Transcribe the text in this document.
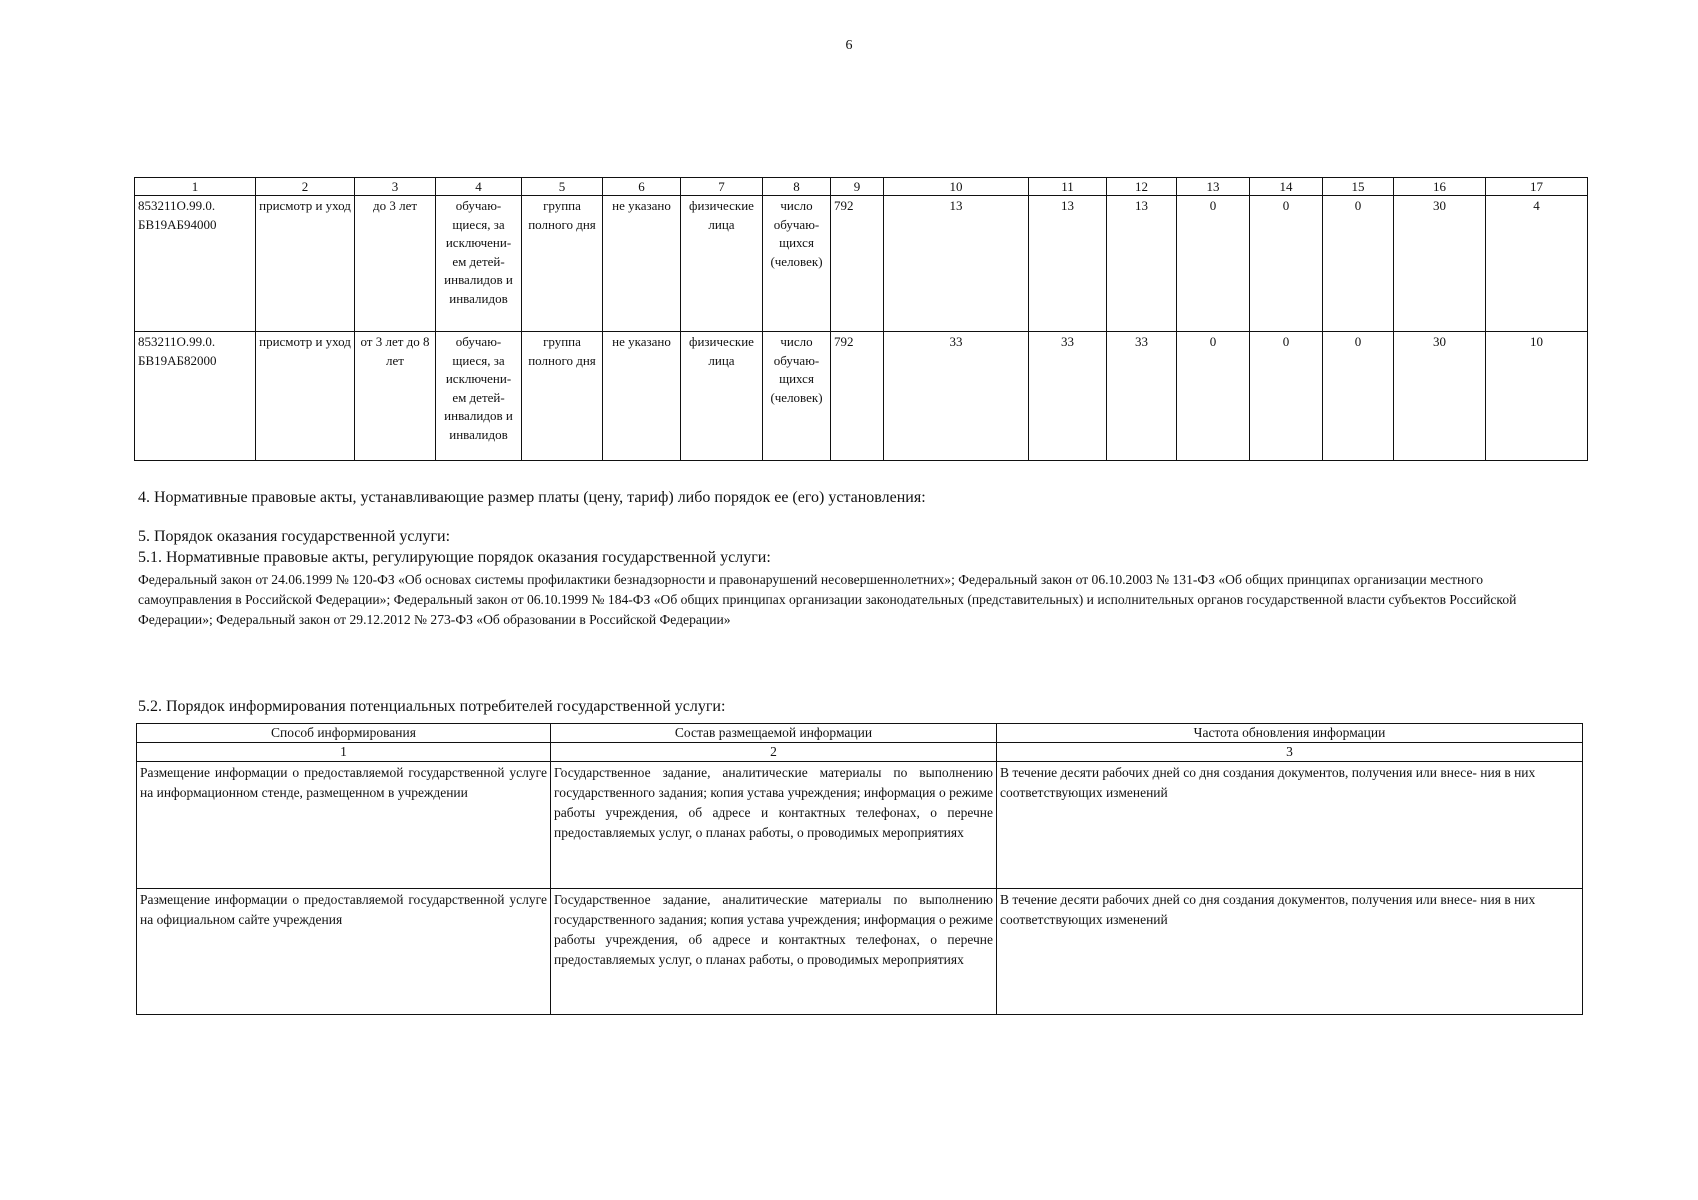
6
1	2	3	4	5	6	7	8	9	10	11	12	13	14	15	16	17
853211О.99.0. БВ19АБ94000	присмотр и уход	до 3 лет	обучаю- щиеся, за исключени- ем детей- инвалидов и инвалидов	группа полного дня	не указано	физические лица	число обучаю- щихся (человек)	792	13	13	13	0	0	0	30	4
853211О.99.0. БВ19АБ82000	присмотр и уход	от 3 лет до 8 лет	обучаю- щиеся, за исключени- ем детей- инвалидов и инвалидов	группа полного дня	не указано	физические лица	число обучаю- щихся (человек)	792	33	33	33	0	0	0	30	10
4. Нормативные правовые акты, устанавливающие размер платы (цену, тариф) либо порядок ее (его) установления:
5. Порядок оказания государственной услуги:
5.1. Нормативные правовые акты, регулирующие порядок оказания государственной услуги:
Федеральный закон от 24.06.1999 № 120-ФЗ «Об основах системы профилактики безнадзорности и правонарушений несовершеннолетних»; Федеральный закон от 06.10.2003 № 131-ФЗ «Об общих принципах организации местного самоуправления в Российской Федерации»; Федеральный закон от 06.10.1999 № 184-ФЗ «Об общих принципах организации законодательных (представительных) и исполнительных органов государственной власти субъектов Российской Федерации»; Федеральный закон от 29.12.2012 № 273-ФЗ «Об образовании в Российской Федерации»
5.2. Порядок информирования потенциальных потребителей государственной услуги:
Способ информирования	Состав размещаемой информации	Частота обновления информации
1	2	3
Размещение информации о предоставляемой государственной услуге на информационном стенде, размещенном в учреждении	Государственное задание, аналитические материалы по выполнению государственного задания; копия устава учреждения; информация о режиме работы учреждения, об адресе и контактных телефонах, о перечне предоставляемых услуг, о планах работы, о проводимых мероприятиях	В течение десяти рабочих дней со дня создания документов, получения или внесе- ния в них соответствующих изменений
Размещение информации о предоставляемой государственной услуге на официальном сайте учреждения	Государственное задание, аналитические материалы по выполнению государственного задания; копия устава учреждения; информация о режиме работы учреждения, об адресе и контактных телефонах, о перечне предоставляемых услуг, о планах работы, о проводимых мероприятиях	В течение десяти рабочих дней со дня создания документов, получения или внесе- ния в них соответствующих изменений
